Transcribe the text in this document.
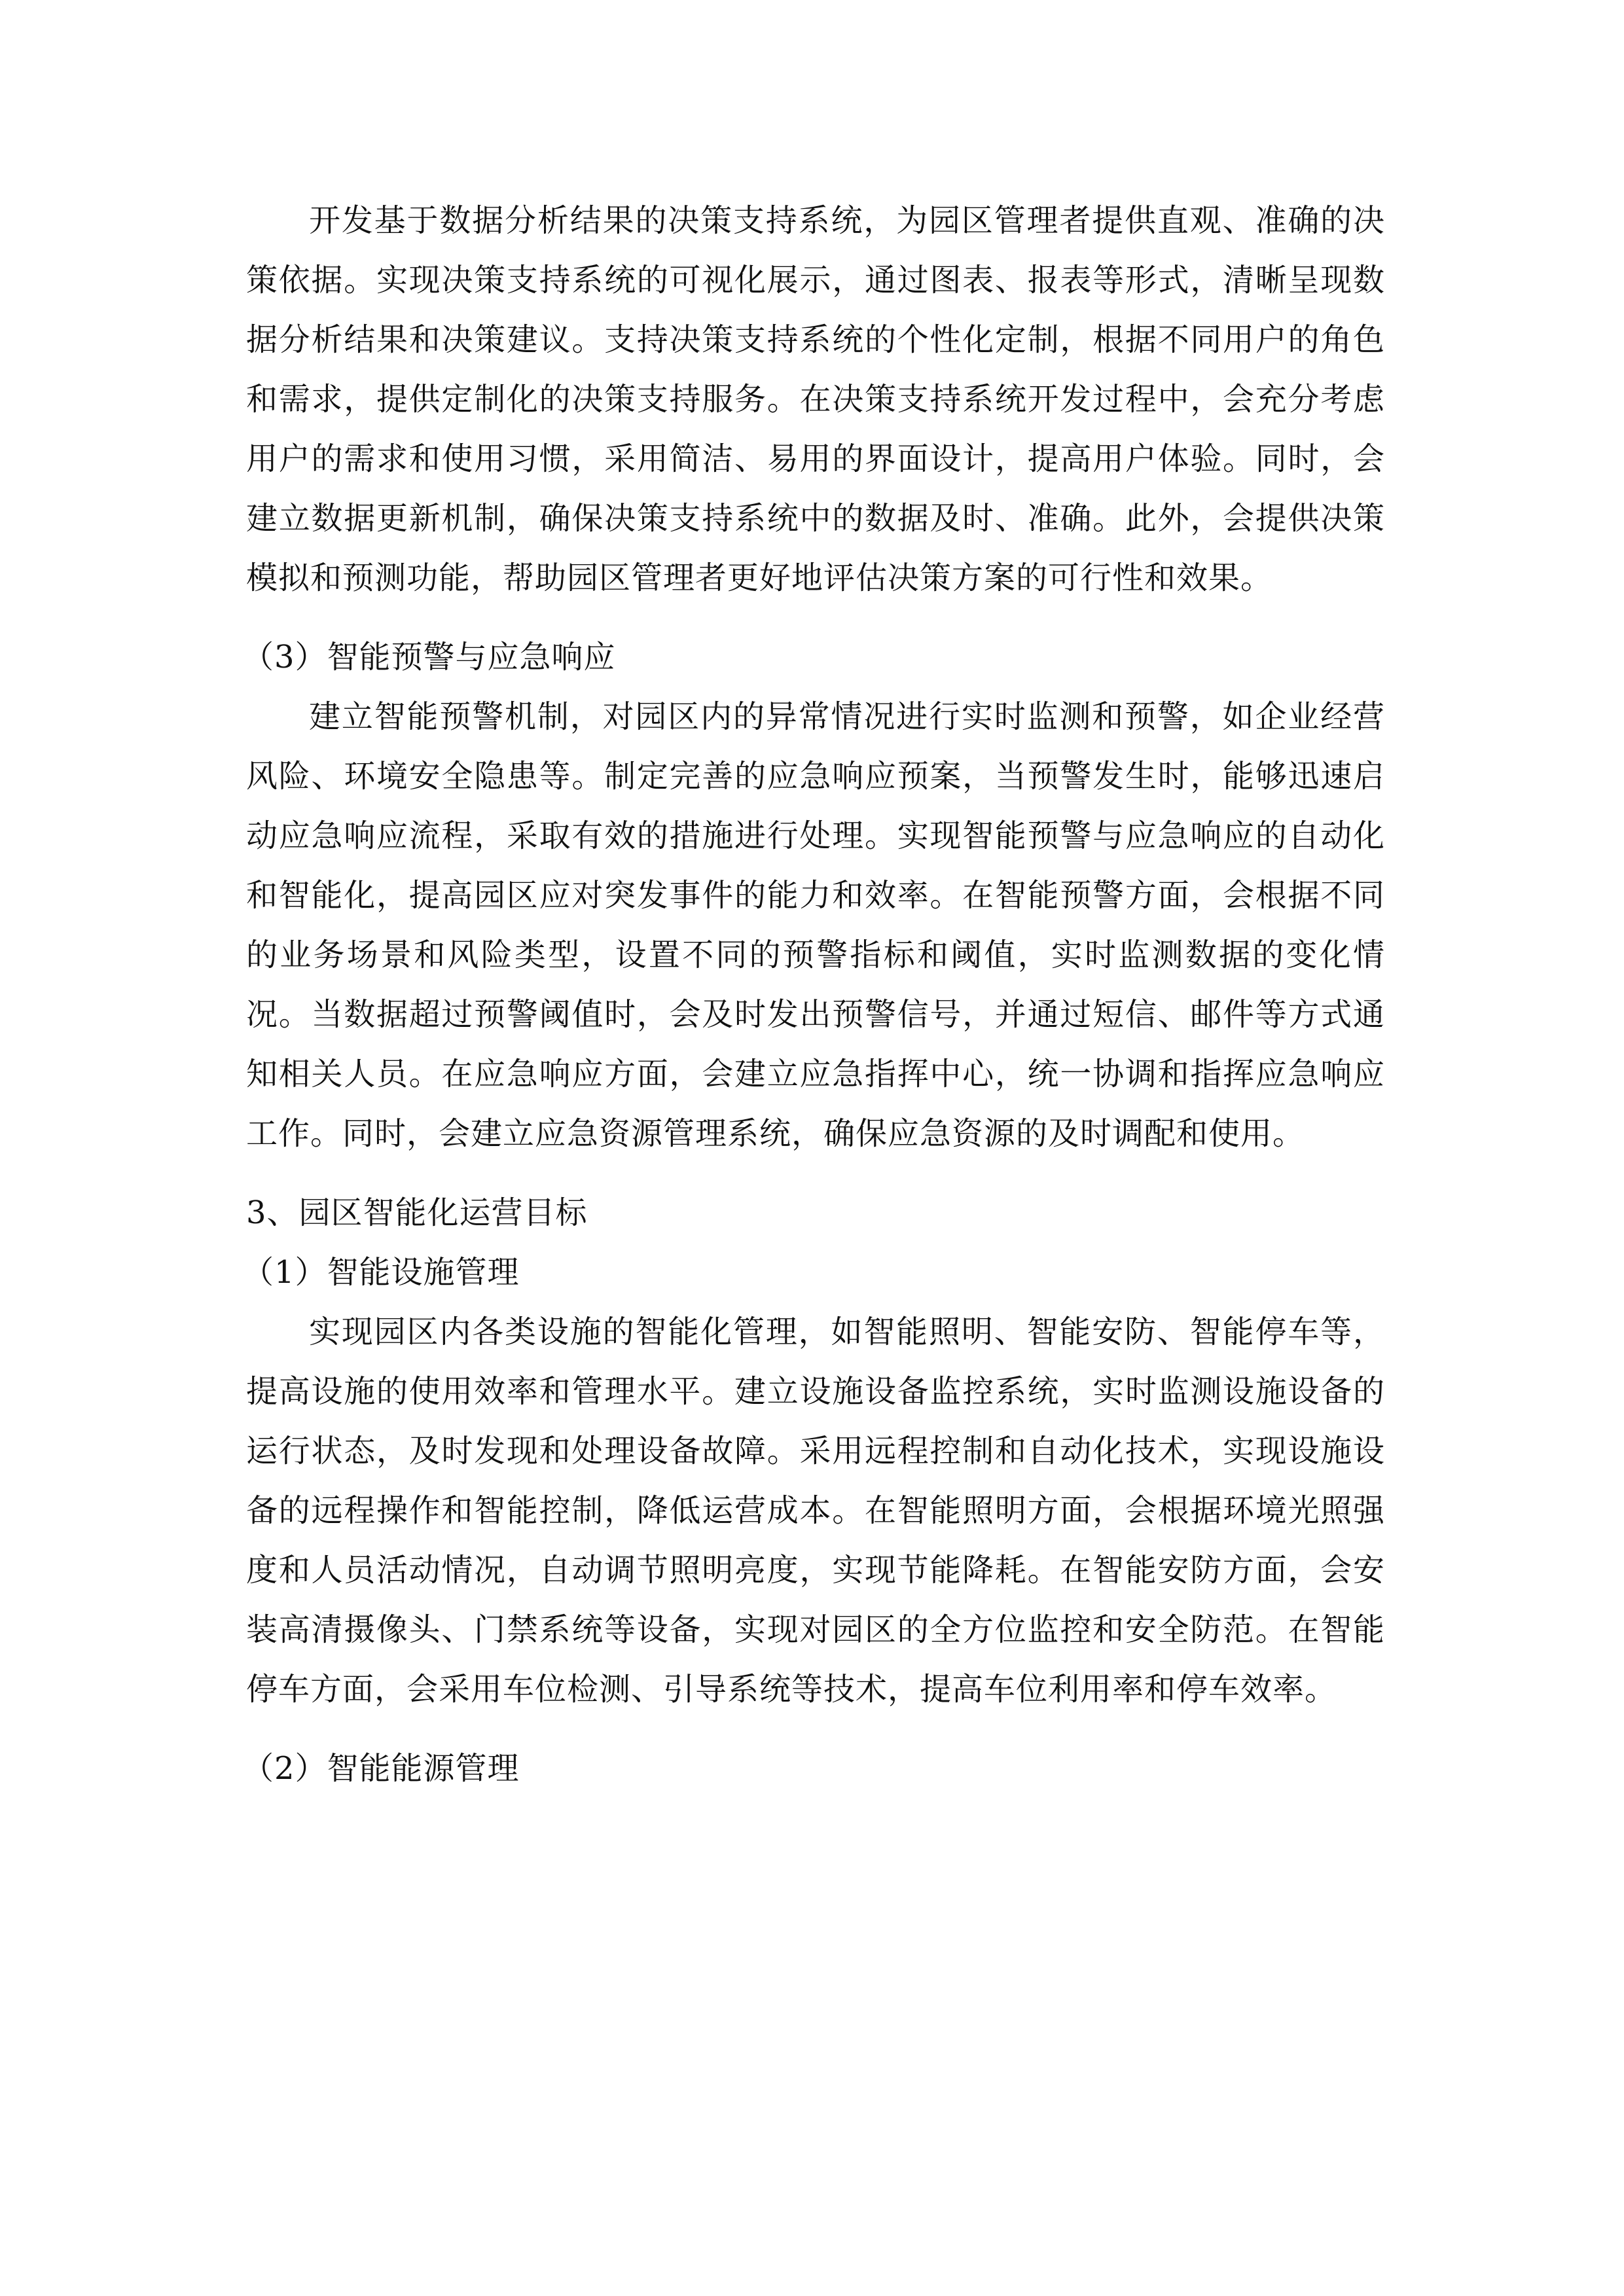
开发基于数据分析结果的决策支持系统，为园区管理者提供直观、准确的决策依据。实现决策支持系统的可视化展示，通过图表、报表等形式，清晰呈现数据分析结果和决策建议。支持决策支持系统的个性化定制，根据不同用户的角色和需求，提供定制化的决策支持服务。在决策支持系统开发过程中，会充分考虑用户的需求和使用习惯，采用简洁、易用的界面设计，提高用户体验。同时，会建立数据更新机制，确保决策支持系统中的数据及时、准确。此外，会提供决策模拟和预测功能，帮助园区管理者更好地评估决策方案的可行性和效果。

（3）智能预警与应急响应

建立智能预警机制，对园区内的异常情况进行实时监测和预警，如企业经营风险、环境安全隐患等。制定完善的应急响应预案，当预警发生时，能够迅速启动应急响应流程，采取有效的措施进行处理。实现智能预警与应急响应的自动化和智能化，提高园区应对突发事件的能力和效率。在智能预警方面，会根据不同的业务场景和风险类型，设置不同的预警指标和阈值，实时监测数据的变化情况。当数据超过预警阈值时，会及时发出预警信号，并通过短信、邮件等方式通知相关人员。在应急响应方面，会建立应急指挥中心，统一协调和指挥应急响应工作。同时，会建立应急资源管理系统，确保应急资源的及时调配和使用。

3、园区智能化运营目标

（1）智能设施管理

实现园区内各类设施的智能化管理，如智能照明、智能安防、智能停车等，提高设施的使用效率和管理水平。建立设施设备监控系统，实时监测设施设备的运行状态，及时发现和处理设备故障。采用远程控制和自动化技术，实现设施设备的远程操作和智能控制，降低运营成本。在智能照明方面，会根据环境光照强度和人员活动情况，自动调节照明亮度，实现节能降耗。在智能安防方面，会安装高清摄像头、门禁系统等设备，实现对园区的全方位监控和安全防范。在智能停车方面，会采用车位检测、引导系统等技术，提高车位利用率和停车效率。

（2）智能能源管理
